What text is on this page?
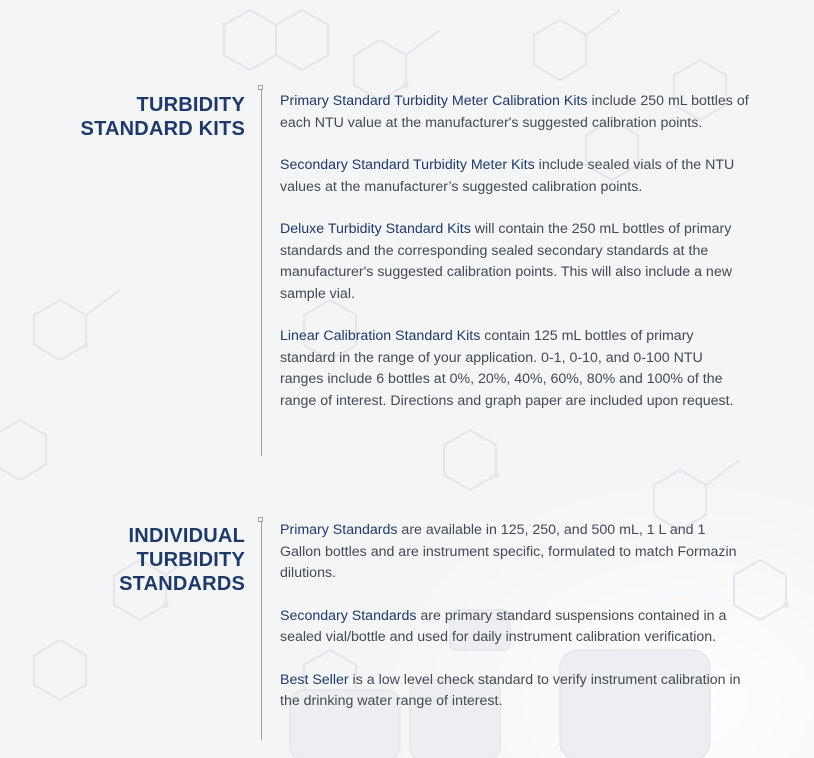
TURBIDITY
STANDARD KITS

Primary Standard Turbidity Meter Calibration Kits include 250 mL bottles of each NTU value at the manufacturer's suggested calibration points.

Secondary Standard Turbidity Meter Kits include sealed vials of the NTU values at the manufacturer’s suggested calibration points.

Deluxe Turbidity Standard Kits will contain the 250 mL bottles of primary standards and the corresponding sealed secondary standards at the manufacturer's suggested calibration points. This will also include a new sample vial.

Linear Calibration Standard Kits contain 125 mL bottles of primary standard in the range of your application. 0-1, 0-10, and 0-100 NTU ranges include 6 bottles at 0%, 20%, 40%, 60%, 80% and 100% of the range of interest. Directions and graph paper are included upon request.

INDIVIDUAL
TURBIDITY
STANDARDS

Primary Standards are available in 125, 250, and 500 mL, 1 L and 1 Gallon bottles and are instrument specific, formulated to match Formazin dilutions.

Secondary Standards are primary standard suspensions contained in a sealed vial/bottle and used for daily instrument calibration verification.

Best Seller is a low level check standard to verify instrument calibration in the drinking water range of interest.
